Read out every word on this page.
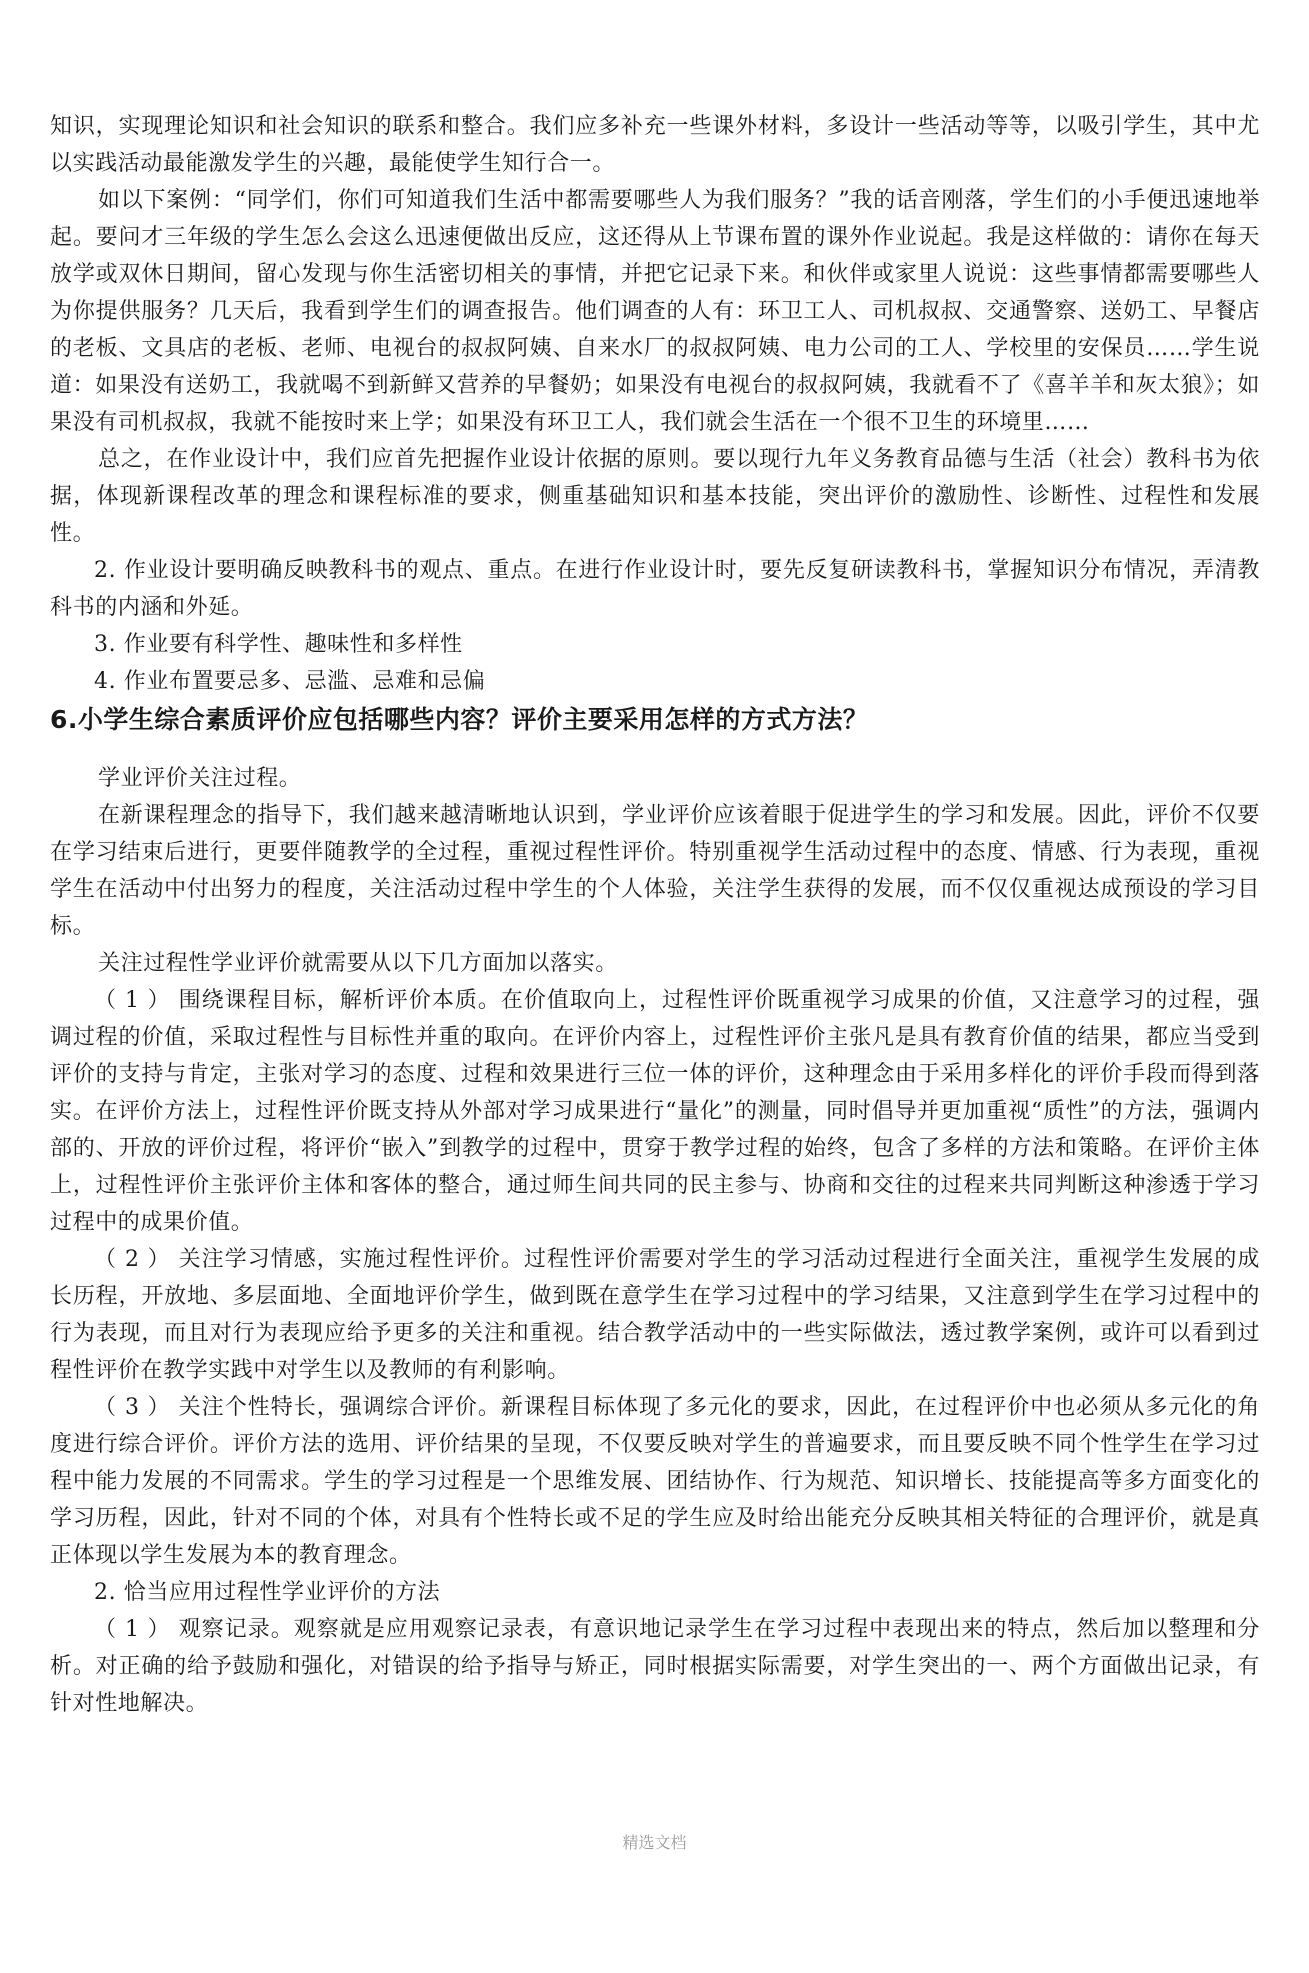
知识，实现理论知识和社会知识的联系和整合。我们应多补充一些课外材料，多设计一些活动等等，以吸引学生，其中尤以实践活动最能激发学生的兴趣，最能使学生知行合一。

如以下案例：“同学们，你们可知道我们生活中都需要哪些人为我们服务？”我的话音刚落，学生们的小手便迅速地举起。要问才三年级的学生怎么会这么迅速便做出反应，这还得从上节课布置的课外作业说起。我是这样做的：请你在每天放学或双休日期间，留心发现与你生活密切相关的事情，并把它记录下来。和伙伴或家里人说说：这些事情都需要哪些人为你提供服务？几天后，我看到学生们的调查报告。他们调查的人有：环卫工人、司机叔叔、交通警察、送奶工、早餐店的老板、文具店的老板、老师、电视台的叔叔阿姨、自来水厂的叔叔阿姨、电力公司的工人、学校里的安保员……学生说道：如果没有送奶工，我就喝不到新鲜又营养的早餐奶；如果没有电视台的叔叔阿姨，我就看不了《喜羊羊和灰太狼》；如果没有司机叔叔，我就不能按时来上学；如果没有环卫工人，我们就会生活在一个很不卫生的环境里……

总之，在作业设计中，我们应首先把握作业设计依据的原则。要以现行九年义务教育品德与生活（社会）教科书为依据，体现新课程改革的理念和课程标准的要求，侧重基础知识和基本技能，突出评价的激励性、诊断性、过程性和发展性。

2. 作业设计要明确反映教科书的观点、重点。在进行作业设计时，要先反复研读教科书，掌握知识分布情况，弄清教科书的内涵和外延。

3. 作业要有科学性、趣味性和多样性

4. 作业布置要忌多、忌滥、忌难和忌偏

6.小学生综合素质评价应包括哪些内容？评价主要采用怎样的方式方法？

学业评价关注过程。

在新课程理念的指导下，我们越来越清晰地认识到，学业评价应该着眼于促进学生的学习和发展。因此，评价不仅要在学习结束后进行，更要伴随教学的全过程，重视过程性评价。特别重视学生活动过程中的态度、情感、行为表现，重视学生在活动中付出努力的程度，关注活动过程中学生的个人体验，关注学生获得的发展，而不仅仅重视达成预设的学习目标。

关注过程性学业评价就需要从以下几方面加以落实。

（ 1 ） 围绕课程目标，解析评价本质。在价值取向上，过程性评价既重视学习成果的价值，又注意学习的过程，强调过程的价值，采取过程性与目标性并重的取向。在评价内容上，过程性评价主张凡是具有教育价值的结果，都应当受到评价的支持与肯定，主张对学习的态度、过程和效果进行三位一体的评价，这种理念由于采用多样化的评价手段而得到落实。在评价方法上，过程性评价既支持从外部对学习成果进行“量化”的测量，同时倡导并更加重视“质性”的方法，强调内部的、开放的评价过程，将评价“嵌入”到教学的过程中，贯穿于教学过程的始终，包含了多样的方法和策略。在评价主体上，过程性评价主张评价主体和客体的整合，通过师生间共同的民主参与、协商和交往的过程来共同判断这种渗透于学习过程中的成果价值。

（ 2 ） 关注学习情感，实施过程性评价。过程性评价需要对学生的学习活动过程进行全面关注，重视学生发展的成长历程，开放地、多层面地、全面地评价学生，做到既在意学生在学习过程中的学习结果，又注意到学生在学习过程中的行为表现，而且对行为表现应给予更多的关注和重视。结合教学活动中的一些实际做法，透过教学案例，或许可以看到过程性评价在教学实践中对学生以及教师的有利影响。

（ 3 ） 关注个性特长，强调综合评价。新课程目标体现了多元化的要求，因此，在过程评价中也必须从多元化的角度进行综合评价。评价方法的选用、评价结果的呈现，不仅要反映对学生的普遍要求，而且要反映不同个性学生在学习过程中能力发展的不同需求。学生的学习过程是一个思维发展、团结协作、行为规范、知识增长、技能提高等多方面变化的学习历程，因此，针对不同的个体，对具有个性特长或不足的学生应及时给出能充分反映其相关特征的合理评价，就是真正体现以学生发展为本的教育理念。

2. 恰当应用过程性学业评价的方法

（ 1 ） 观察记录。观察就是应用观察记录表，有意识地记录学生在学习过程中表现出来的特点，然后加以整理和分析。对正确的给予鼓励和强化，对错误的给予指导与矫正，同时根据实际需要，对学生突出的一、两个方面做出记录，有针对性地解决。

精选文档
